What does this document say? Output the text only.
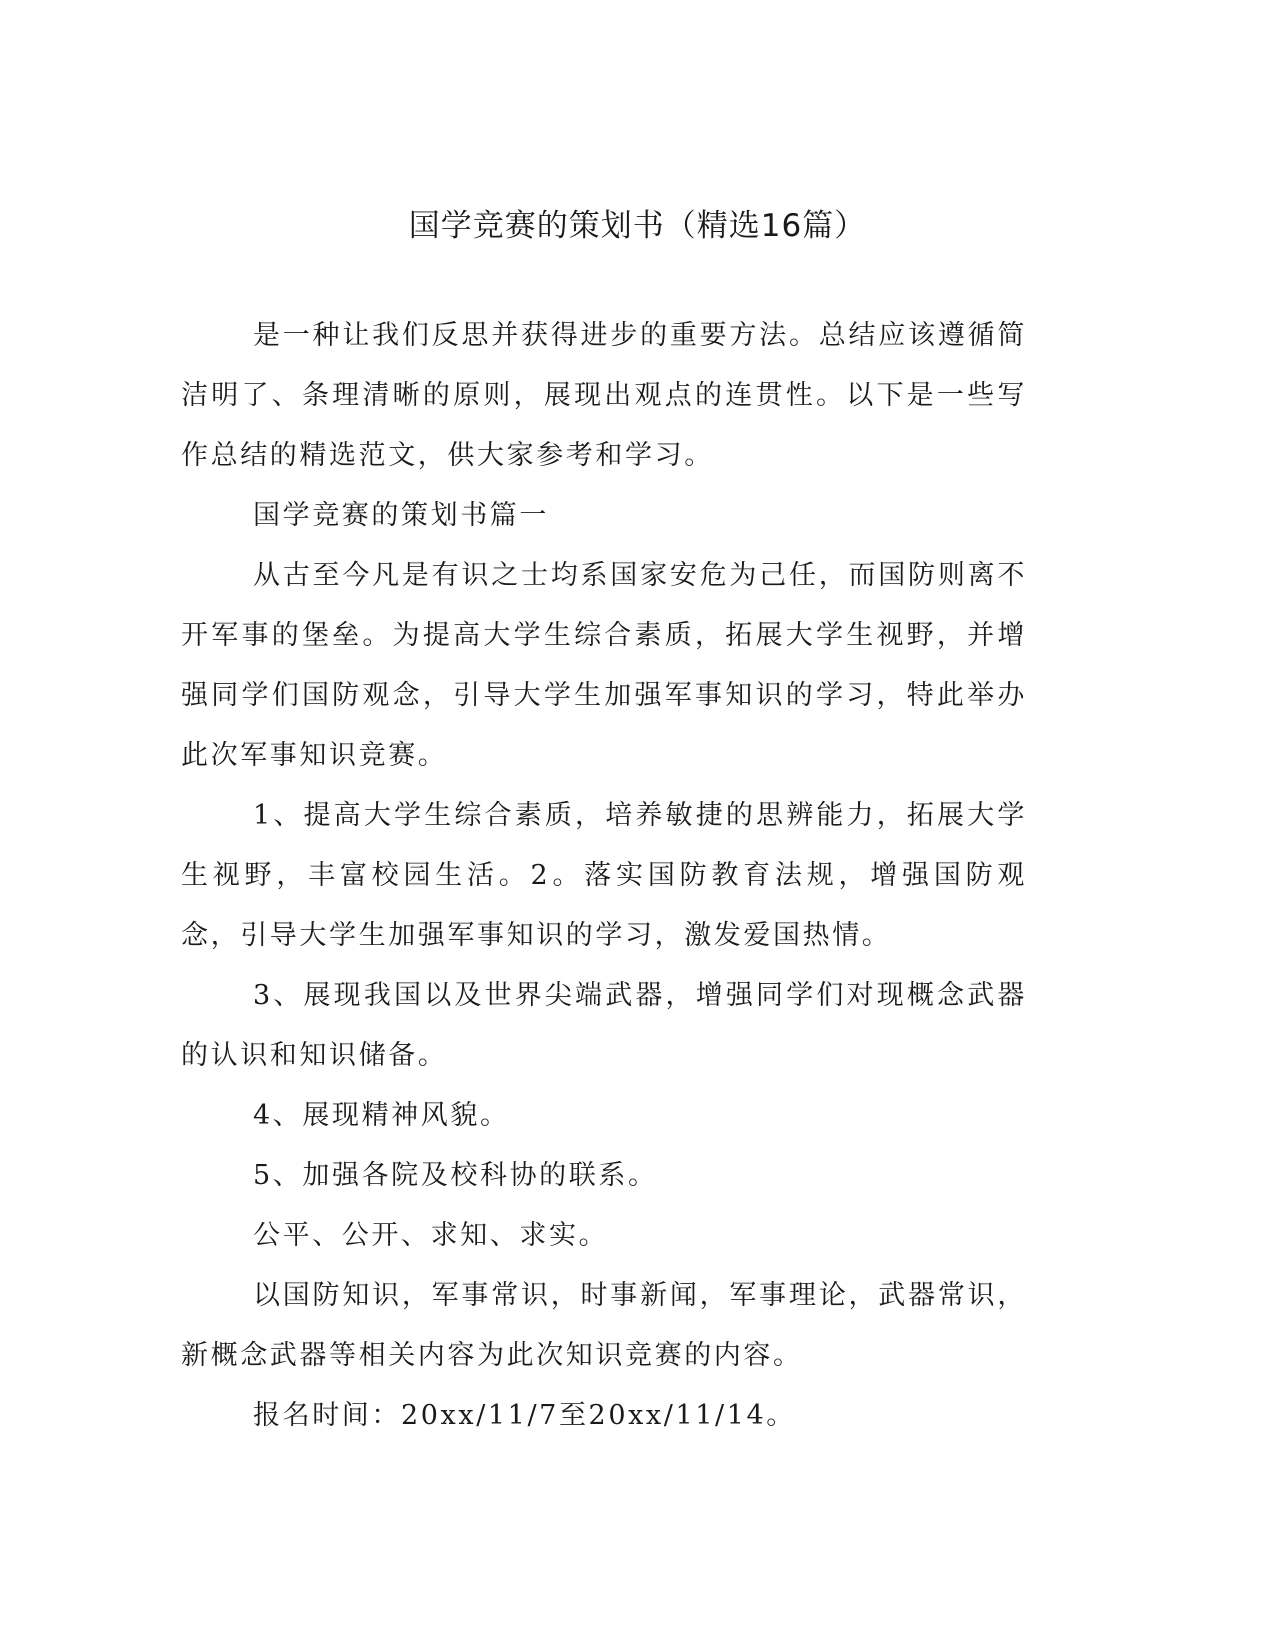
国学竞赛的策划书（精选16篇）

是一种让我们反思并获得进步的重要方法。总结应该遵循简洁明了、条理清晰的原则，展现出观点的连贯性。以下是一些写作总结的精选范文，供大家参考和学习。

国学竞赛的策划书篇一

从古至今凡是有识之士均系国家安危为己任，而国防则离不开军事的堡垒。为提高大学生综合素质，拓展大学生视野，并增强同学们国防观念，引导大学生加强军事知识的学习，特此举办此次军事知识竞赛。

1、提高大学生综合素质，培养敏捷的思辨能力，拓展大学生视野，丰富校园生活。2。落实国防教育法规，增强国防观念，引导大学生加强军事知识的学习，激发爱国热情。

3、展现我国以及世界尖端武器，增强同学们对现概念武器的认识和知识储备。

4、展现精神风貌。

5、加强各院及校科协的联系。

公平、公开、求知、求实。

以国防知识，军事常识，时事新闻，军事理论，武器常识，新概念武器等相关内容为此次知识竞赛的内容。

报名时间：20xx/11/7至20xx/11/14。
